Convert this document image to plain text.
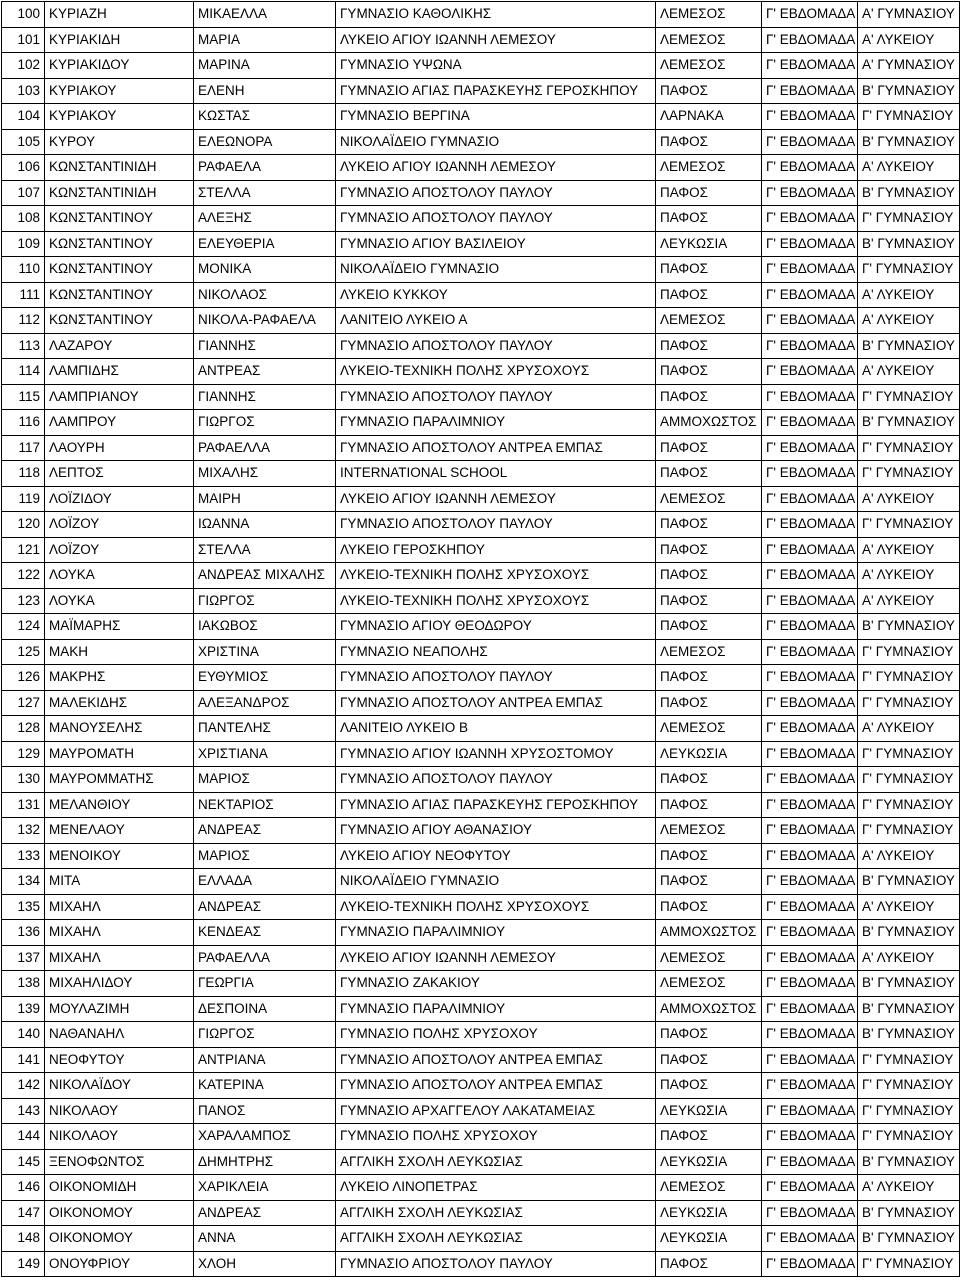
100	ΚΥΡΙΑΖΗ	ΜΙΚΑΕΛΛΑ	ΓΥΜΝΑΣΙΟ ΚΑΘΟΛΙΚΗΣ	ΛΕΜΕΣΟΣ	Γ' ΕΒΔΟΜΑΔΑ	Α' ΓΥΜΝΑΣΙΟΥ
101	ΚΥΡΙΑΚΙΔΗ	ΜΑΡΙΑ	ΛΥΚΕΙΟ ΑΓΙΟΥ ΙΩΑΝΝΗ ΛΕΜΕΣΟΥ	ΛΕΜΕΣΟΣ	Γ' ΕΒΔΟΜΑΔΑ	Α' ΛΥΚΕΙΟΥ
102	ΚΥΡΙΑΚΙΔΟΥ	ΜΑΡΙΝΑ	ΓΥΜΝΑΣΙΟ ΥΨΩΝΑ	ΛΕΜΕΣΟΣ	Γ' ΕΒΔΟΜΑΔΑ	Α' ΓΥΜΝΑΣΙΟΥ
103	ΚΥΡΙΑΚΟΥ	ΕΛΕΝΗ	ΓΥΜΝΑΣΙΟ ΑΓΙΑΣ ΠΑΡΑΣΚΕΥΗΣ ΓΕΡΟΣΚΗΠΟΥ	ΠΑΦΟΣ	Γ' ΕΒΔΟΜΑΔΑ	Β' ΓΥΜΝΑΣΙΟΥ
104	ΚΥΡΙΑΚΟΥ	ΚΩΣΤΑΣ	ΓΥΜΝΑΣΙΟ ΒΕΡΓΙΝΑ	ΛΑΡΝΑΚΑ	Γ' ΕΒΔΟΜΑΔΑ	Γ' ΓΥΜΝΑΣΙΟΥ
105	ΚΥΡΟΥ	ΕΛΕΩΝΟΡΑ	ΝΙΚΟΛΑΪΔΕΙΟ ΓΥΜΝΑΣΙΟ	ΠΑΦΟΣ	Γ' ΕΒΔΟΜΑΔΑ	Β' ΓΥΜΝΑΣΙΟΥ
106	ΚΩΝΣΤΑΝΤΙΝΙΔΗ	ΡΑΦΑΕΛΑ	ΛΥΚΕΙΟ ΑΓΙΟΥ ΙΩΑΝΝΗ ΛΕΜΕΣΟΥ	ΛΕΜΕΣΟΣ	Γ' ΕΒΔΟΜΑΔΑ	Α' ΛΥΚΕΙΟΥ
107	ΚΩΝΣΤΑΝΤΙΝΙΔΗ	ΣΤΕΛΛΑ	ΓΥΜΝΑΣΙΟ ΑΠΟΣΤΟΛΟΥ ΠΑΥΛΟΥ	ΠΑΦΟΣ	Γ' ΕΒΔΟΜΑΔΑ	Β' ΓΥΜΝΑΣΙΟΥ
108	ΚΩΝΣΤΑΝΤΙΝΟΥ	ΑΛΕΞΗΣ	ΓΥΜΝΑΣΙΟ ΑΠΟΣΤΟΛΟΥ ΠΑΥΛΟΥ	ΠΑΦΟΣ	Γ' ΕΒΔΟΜΑΔΑ	Γ' ΓΥΜΝΑΣΙΟΥ
109	ΚΩΝΣΤΑΝΤΙΝΟΥ	ΕΛΕΥΘΕΡΙΑ	ΓΥΜΝΑΣΙΟ ΑΓΙΟΥ ΒΑΣΙΛΕΙΟΥ	ΛΕΥΚΩΣΙΑ	Γ' ΕΒΔΟΜΑΔΑ	Β' ΓΥΜΝΑΣΙΟΥ
110	ΚΩΝΣΤΑΝΤΙΝΟΥ	ΜΟΝΙΚΑ	ΝΙΚΟΛΑΪΔΕΙΟ ΓΥΜΝΑΣΙΟ	ΠΑΦΟΣ	Γ' ΕΒΔΟΜΑΔΑ	Γ' ΓΥΜΝΑΣΙΟΥ
111	ΚΩΝΣΤΑΝΤΙΝΟΥ	ΝΙΚΟΛΑΟΣ	ΛΥΚΕΙΟ ΚΥΚΚΟΥ	ΠΑΦΟΣ	Γ' ΕΒΔΟΜΑΔΑ	Α' ΛΥΚΕΙΟΥ
112	ΚΩΝΣΤΑΝΤΙΝΟΥ	ΝΙΚΟΛΑ-ΡΑΦΑΕΛΑ	ΛΑΝΙΤΕΙΟ ΛΥΚΕΙΟ Α	ΛΕΜΕΣΟΣ	Γ' ΕΒΔΟΜΑΔΑ	Α' ΛΥΚΕΙΟΥ
113	ΛΑΖΑΡΟΥ	ΓΙΑΝΝΗΣ	ΓΥΜΝΑΣΙΟ ΑΠΟΣΤΟΛΟΥ ΠΑΥΛΟΥ	ΠΑΦΟΣ	Γ' ΕΒΔΟΜΑΔΑ	Β' ΓΥΜΝΑΣΙΟΥ
114	ΛΑΜΠΙΔΗΣ	ΑΝΤΡΕΑΣ	ΛΥΚΕΙΟ-ΤΕΧΝΙΚΗ ΠΟΛΗΣ ΧΡΥΣΟΧΟΥΣ	ΠΑΦΟΣ	Γ' ΕΒΔΟΜΑΔΑ	Α' ΛΥΚΕΙΟΥ
115	ΛΑΜΠΡΙΑΝΟΥ	ΓΙΑΝΝΗΣ	ΓΥΜΝΑΣΙΟ ΑΠΟΣΤΟΛΟΥ ΠΑΥΛΟΥ	ΠΑΦΟΣ	Γ' ΕΒΔΟΜΑΔΑ	Γ' ΓΥΜΝΑΣΙΟΥ
116	ΛΑΜΠΡΟΥ	ΓΙΩΡΓΟΣ	ΓΥΜΝΑΣΙΟ ΠΑΡΑΛΙΜΝΙΟΥ	ΑΜΜΟΧΩΣΤΟΣ	Γ' ΕΒΔΟΜΑΔΑ	Β' ΓΥΜΝΑΣΙΟΥ
117	ΛΑΟΥΡΗ	ΡΑΦΑΕΛΛΑ	ΓΥΜΝΑΣΙΟ ΑΠΟΣΤΟΛΟΥ ΑΝΤΡΕΑ ΕΜΠΑΣ	ΠΑΦΟΣ	Γ' ΕΒΔΟΜΑΔΑ	Γ' ΓΥΜΝΑΣΙΟΥ
118	ΛΕΠΤΟΣ	ΜΙΧΑΛΗΣ	INTERNATIONAL SCHOOL	ΠΑΦΟΣ	Γ' ΕΒΔΟΜΑΔΑ	Γ' ΓΥΜΝΑΣΙΟΥ
119	ΛΟΪΖΙΔΟΥ	ΜΑΙΡΗ	ΛΥΚΕΙΟ ΑΓΙΟΥ ΙΩΑΝΝΗ ΛΕΜΕΣΟΥ	ΛΕΜΕΣΟΣ	Γ' ΕΒΔΟΜΑΔΑ	Α' ΛΥΚΕΙΟΥ
120	ΛΟΪΖΟΥ	ΙΩΑΝΝΑ	ΓΥΜΝΑΣΙΟ ΑΠΟΣΤΟΛΟΥ ΠΑΥΛΟΥ	ΠΑΦΟΣ	Γ' ΕΒΔΟΜΑΔΑ	Γ' ΓΥΜΝΑΣΙΟΥ
121	ΛΟΪΖΟΥ	ΣΤΕΛΛΑ	ΛΥΚΕΙΟ ΓΕΡΟΣΚΗΠΟΥ	ΠΑΦΟΣ	Γ' ΕΒΔΟΜΑΔΑ	Α' ΛΥΚΕΙΟΥ
122	ΛΟΥΚΑ	ΑΝΔΡΕΑΣ ΜΙΧΑΛΗΣ	ΛΥΚΕΙΟ-ΤΕΧΝΙΚΗ ΠΟΛΗΣ ΧΡΥΣΟΧΟΥΣ	ΠΑΦΟΣ	Γ' ΕΒΔΟΜΑΔΑ	Α' ΛΥΚΕΙΟΥ
123	ΛΟΥΚΑ	ΓΙΩΡΓΟΣ	ΛΥΚΕΙΟ-ΤΕΧΝΙΚΗ ΠΟΛΗΣ ΧΡΥΣΟΧΟΥΣ	ΠΑΦΟΣ	Γ' ΕΒΔΟΜΑΔΑ	Α' ΛΥΚΕΙΟΥ
124	ΜΑΪΜΑΡΗΣ	ΙΑΚΩΒΟΣ	ΓΥΜΝΑΣΙΟ ΑΓΙΟΥ ΘΕΟΔΩΡΟΥ	ΠΑΦΟΣ	Γ' ΕΒΔΟΜΑΔΑ	Β' ΓΥΜΝΑΣΙΟΥ
125	ΜΑΚΗ	ΧΡΙΣΤΙΝΑ	ΓΥΜΝΑΣΙΟ ΝΕΑΠΟΛΗΣ	ΛΕΜΕΣΟΣ	Γ' ΕΒΔΟΜΑΔΑ	Γ' ΓΥΜΝΑΣΙΟΥ
126	ΜΑΚΡΗΣ	ΕΥΘΥΜΙΟΣ	ΓΥΜΝΑΣΙΟ ΑΠΟΣΤΟΛΟΥ ΠΑΥΛΟΥ	ΠΑΦΟΣ	Γ' ΕΒΔΟΜΑΔΑ	Γ' ΓΥΜΝΑΣΙΟΥ
127	ΜΑΛΕΚΙΔΗΣ	ΑΛΕΞΑΝΔΡΟΣ	ΓΥΜΝΑΣΙΟ ΑΠΟΣΤΟΛΟΥ ΑΝΤΡΕΑ ΕΜΠΑΣ	ΠΑΦΟΣ	Γ' ΕΒΔΟΜΑΔΑ	Γ' ΓΥΜΝΑΣΙΟΥ
128	ΜΑΝΟΥΣΕΛΗΣ	ΠΑΝΤΕΛΗΣ	ΛΑΝΙΤΕΙΟ ΛΥΚΕΙΟ Β	ΛΕΜΕΣΟΣ	Γ' ΕΒΔΟΜΑΔΑ	Α' ΛΥΚΕΙΟΥ
129	ΜΑΥΡΟΜΑΤΗ	ΧΡΙΣΤΙΑΝΑ	ΓΥΜΝΑΣΙΟ ΑΓΙΟΥ ΙΩΑΝΝΗ ΧΡΥΣΟΣΤΟΜΟΥ	ΛΕΥΚΩΣΙΑ	Γ' ΕΒΔΟΜΑΔΑ	Γ' ΓΥΜΝΑΣΙΟΥ
130	ΜΑΥΡΟΜΜΑΤΗΣ	ΜΑΡΙΟΣ	ΓΥΜΝΑΣΙΟ ΑΠΟΣΤΟΛΟΥ ΠΑΥΛΟΥ	ΠΑΦΟΣ	Γ' ΕΒΔΟΜΑΔΑ	Γ' ΓΥΜΝΑΣΙΟΥ
131	ΜΕΛΑΝΘΙΟΥ	ΝΕΚΤΑΡΙΟΣ	ΓΥΜΝΑΣΙΟ ΑΓΙΑΣ ΠΑΡΑΣΚΕΥΗΣ ΓΕΡΟΣΚΗΠΟΥ	ΠΑΦΟΣ	Γ' ΕΒΔΟΜΑΔΑ	Γ' ΓΥΜΝΑΣΙΟΥ
132	ΜΕΝΕΛΑΟΥ	ΑΝΔΡΕΑΣ	ΓΥΜΝΑΣΙΟ ΑΓΙΟΥ ΑΘΑΝΑΣΙΟΥ	ΛΕΜΕΣΟΣ	Γ' ΕΒΔΟΜΑΔΑ	Γ' ΓΥΜΝΑΣΙΟΥ
133	ΜΕΝΟΙΚΟΥ	ΜΑΡΙΟΣ	ΛΥΚΕΙΟ ΑΓΙΟΥ ΝΕΟΦΥΤΟΥ	ΠΑΦΟΣ	Γ' ΕΒΔΟΜΑΔΑ	Α' ΛΥΚΕΙΟΥ
134	ΜΙΤΑ	ΕΛΛΑΔΑ	ΝΙΚΟΛΑΪΔΕΙΟ ΓΥΜΝΑΣΙΟ	ΠΑΦΟΣ	Γ' ΕΒΔΟΜΑΔΑ	Β' ΓΥΜΝΑΣΙΟΥ
135	ΜΙΧΑΗΛ	ΑΝΔΡΕΑΣ	ΛΥΚΕΙΟ-ΤΕΧΝΙΚΗ ΠΟΛΗΣ ΧΡΥΣΟΧΟΥΣ	ΠΑΦΟΣ	Γ' ΕΒΔΟΜΑΔΑ	Α' ΛΥΚΕΙΟΥ
136	ΜΙΧΑΗΛ	ΚΕΝΔΕΑΣ	ΓΥΜΝΑΣΙΟ ΠΑΡΑΛΙΜΝΙΟΥ	ΑΜΜΟΧΩΣΤΟΣ	Γ' ΕΒΔΟΜΑΔΑ	Β' ΓΥΜΝΑΣΙΟΥ
137	ΜΙΧΑΗΛ	ΡΑΦΑΕΛΛΑ	ΛΥΚΕΙΟ ΑΓΙΟΥ ΙΩΑΝΝΗ ΛΕΜΕΣΟΥ	ΛΕΜΕΣΟΣ	Γ' ΕΒΔΟΜΑΔΑ	Α' ΛΥΚΕΙΟΥ
138	ΜΙΧΑΗΛΙΔΟΥ	ΓΕΩΡΓΙΑ	ΓΥΜΝΑΣΙΟ ΖΑΚΑΚΙΟΥ	ΛΕΜΕΣΟΣ	Γ' ΕΒΔΟΜΑΔΑ	Β' ΓΥΜΝΑΣΙΟΥ
139	ΜΟΥΛΑΖΙΜΗ	ΔΕΣΠΟΙΝΑ	ΓΥΜΝΑΣΙΟ ΠΑΡΑΛΙΜΝΙΟΥ	ΑΜΜΟΧΩΣΤΟΣ	Γ' ΕΒΔΟΜΑΔΑ	Β' ΓΥΜΝΑΣΙΟΥ
140	ΝΑΘΑΝΑΗΛ	ΓΙΩΡΓΟΣ	ΓΥΜΝΑΣΙΟ ΠΟΛΗΣ ΧΡΥΣΟΧΟΥ	ΠΑΦΟΣ	Γ' ΕΒΔΟΜΑΔΑ	Β' ΓΥΜΝΑΣΙΟΥ
141	ΝΕΟΦΥΤΟΥ	ΑΝΤΡΙΑΝΑ	ΓΥΜΝΑΣΙΟ ΑΠΟΣΤΟΛΟΥ ΑΝΤΡΕΑ ΕΜΠΑΣ	ΠΑΦΟΣ	Γ' ΕΒΔΟΜΑΔΑ	Γ' ΓΥΜΝΑΣΙΟΥ
142	ΝΙΚΟΛΑΪΔΟΥ	ΚΑΤΕΡΙΝΑ	ΓΥΜΝΑΣΙΟ ΑΠΟΣΤΟΛΟΥ ΑΝΤΡΕΑ ΕΜΠΑΣ	ΠΑΦΟΣ	Γ' ΕΒΔΟΜΑΔΑ	Γ' ΓΥΜΝΑΣΙΟΥ
143	ΝΙΚΟΛΑΟΥ	ΠΑΝΟΣ	ΓΥΜΝΑΣΙΟ ΑΡΧΑΓΓΕΛΟΥ ΛΑΚΑΤΑΜΕΙΑΣ	ΛΕΥΚΩΣΙΑ	Γ' ΕΒΔΟΜΑΔΑ	Γ' ΓΥΜΝΑΣΙΟΥ
144	ΝΙΚΟΛΑΟΥ	ΧΑΡΑΛΑΜΠΟΣ	ΓΥΜΝΑΣΙΟ ΠΟΛΗΣ ΧΡΥΣΟΧΟΥ	ΠΑΦΟΣ	Γ' ΕΒΔΟΜΑΔΑ	Γ' ΓΥΜΝΑΣΙΟΥ
145	ΞΕΝΟΦΩΝΤΟΣ	ΔΗΜΗΤΡΗΣ	ΑΓΓΛΙΚΗ ΣΧΟΛΗ ΛΕΥΚΩΣΙΑΣ	ΛΕΥΚΩΣΙΑ	Γ' ΕΒΔΟΜΑΔΑ	Β' ΓΥΜΝΑΣΙΟΥ
146	ΟΙΚΟΝΟΜΙΔΗ	ΧΑΡΙΚΛΕΙΑ	ΛΥΚΕΙΟ ΛΙΝΟΠΕΤΡΑΣ	ΛΕΜΕΣΟΣ	Γ' ΕΒΔΟΜΑΔΑ	Α' ΛΥΚΕΙΟΥ
147	ΟΙΚΟΝΟΜΟΥ	ΑΝΔΡΕΑΣ	ΑΓΓΛΙΚΗ ΣΧΟΛΗ ΛΕΥΚΩΣΙΑΣ	ΛΕΥΚΩΣΙΑ	Γ' ΕΒΔΟΜΑΔΑ	Β' ΓΥΜΝΑΣΙΟΥ
148	ΟΙΚΟΝΟΜΟΥ	ΑΝΝΑ	ΑΓΓΛΙΚΗ ΣΧΟΛΗ ΛΕΥΚΩΣΙΑΣ	ΛΕΥΚΩΣΙΑ	Γ' ΕΒΔΟΜΑΔΑ	Β' ΓΥΜΝΑΣΙΟΥ
149	ΟΝΟΥΦΡΙΟΥ	ΧΛΟΗ	ΓΥΜΝΑΣΙΟ ΑΠΟΣΤΟΛΟΥ ΠΑΥΛΟΥ	ΠΑΦΟΣ	Γ' ΕΒΔΟΜΑΔΑ	Γ' ΓΥΜΝΑΣΙΟΥ
